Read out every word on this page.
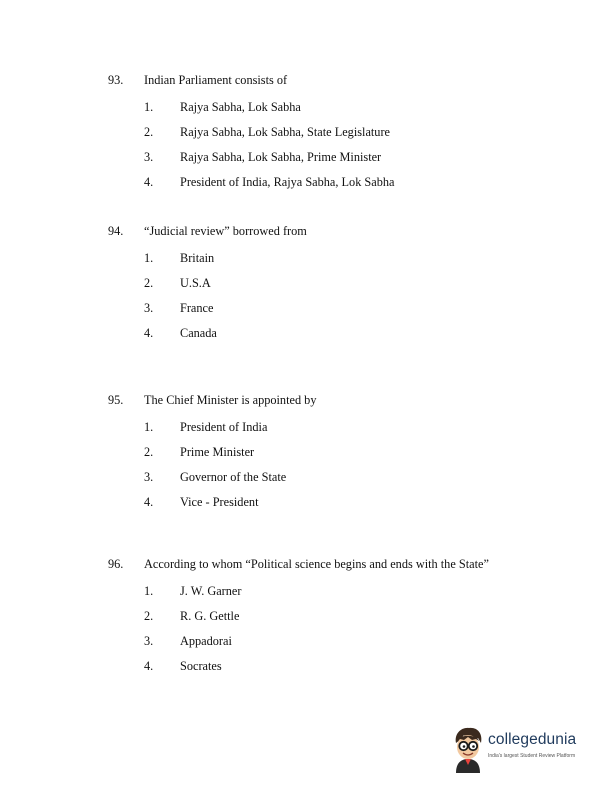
93.	Indian Parliament consists of
1.	Rajya Sabha, Lok Sabha
2.	Rajya Sabha, Lok Sabha, State Legislature
3.	Rajya Sabha, Lok Sabha, Prime Minister
4.	President of India, Rajya Sabha, Lok Sabha
94.	“Judicial review” borrowed from
1.	Britain
2.	U.S.A
3.	France
4.	Canada
95.	The Chief Minister is appointed by
1.	President of India
2.	Prime Minister
3.	Governor of the State
4.	Vice - President
96.	According to whom “Political science begins and ends with the State”
1.	J. W. Garner
2.	R. G. Gettle
3.	Appadorai
4.	Socrates
collegedunia
India's largest Student Review Platform
